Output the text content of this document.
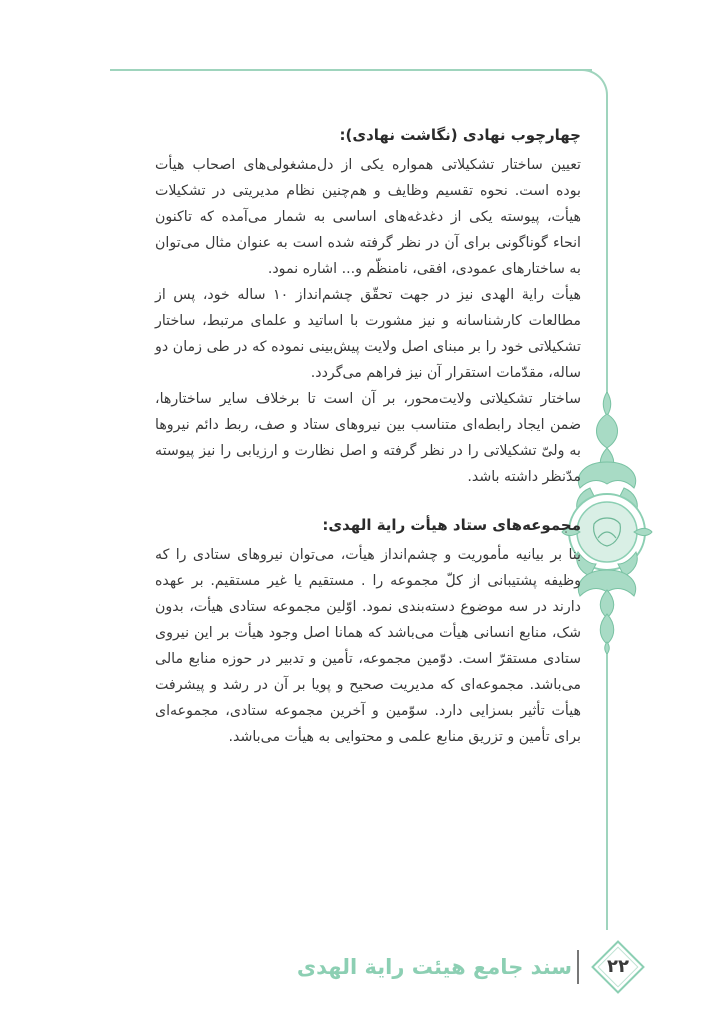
چهارچوب نهادی (نگاشت نهادی):

تعیین ساختار تشکیلاتی همواره یکی از دل‌مشغولی‌های اصحاب هیأت بوده است. نحوه تقسیم وظایف و هم‌چنین نظام مدیریتی در تشکیلات هیأت، پیوسته یکی از دغدغه‌های اساسی به شمار می‌آمده که تاکنون انحاء گوناگونی برای آن در نظر گرفته شده است به عنوان مثال می‌توان به ساختارهای عمودی، افقی، نامنظّم و... اشاره نمود.

هیأت رایة الهدی نیز در جهت تحقّق چشم‌انداز ۱۰ ساله خود، پس از مطالعات کارشناسانه و نیز مشورت با اساتید و علمای مرتبط، ساختار تشکیلاتی خود را بر مبنای اصل ولایت پیش‌بینی نموده که در طی زمان دو ساله، مقدّمات استقرار آن نیز فراهم می‌گردد.

ساختار تشکیلاتی ولایت‌محور، بر آن است تا برخلاف سایر ساختارها، ضمن ایجاد رابطه‌ای متناسب بین نیروهای ستاد و صف، ربط دائم نیروها به ولیّ تشکیلاتی را در نظر گرفته و اصل نظارت و ارزیابی را نیز پیوسته مدّنظر داشته باشد.

مجموعه‌های ستاد هیأت رایة الهدی:

بنا بر بیانیه مأموریت و چشم‌انداز هیأت، می‌توان نیروهای ستادی را که وظیفه پشتیبانی از کلّ مجموعه را . مستقیم یا غیر مستقیم. بر عهده دارند در سه موضوع دسته‌بندی نمود. اوّلین مجموعه ستادی هیأت، بدون شک، منابع انسانی هیأت می‌باشد که همانا اصل وجود هیأت بر این نیروی ستادی مستقرّ است. دوّمین مجموعه، تأمین و تدبیر در حوزه منابع مالی می‌باشد. مجموعه‌ای که مدیریت صحیح و پویا بر آن در رشد و پیشرفت هیأت تأثیر بسزایی دارد. سوّمین و آخرین مجموعه ستادی، مجموعه‌ای برای تأمین و تزریق منابع علمی و محتوایی به هیأت می‌باشد.

سند جامع هیئت رایة الهدی	۲۲
